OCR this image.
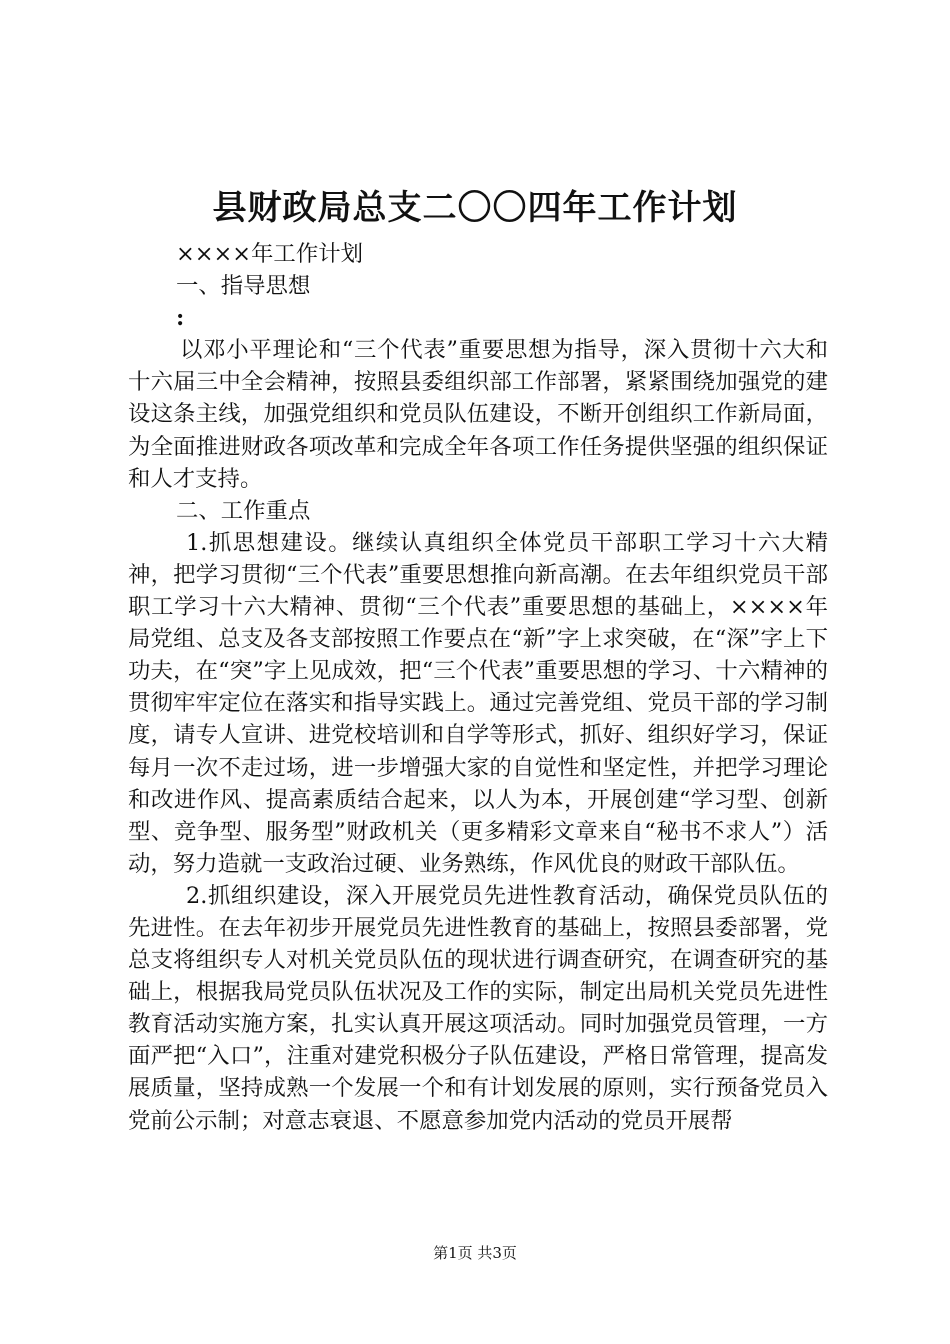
县财政局总支二〇〇四年工作计划

××××年工作计划

一、指导思想

:

以邓小平理论和“三个代表”重要思想为指导，深入贯彻十六大和十六届三中全会精神，按照县委组织部工作部署，紧紧围绕加强党的建设这条主线，加强党组织和党员队伍建设，不断开创组织工作新局面，为全面推进财政各项改革和完成全年各项工作任务提供坚强的组织保证和人才支持。

二、工作重点

1.抓思想建设。继续认真组织全体党员干部职工学习十六大精神，把学习贯彻“三个代表”重要思想推向新高潮。在去年组织党员干部职工学习十六大精神、贯彻“三个代表”重要思想的基础上，××××年局党组、总支及各支部按照工作要点在“新”字上求突破，在“深”字上下功夫，在“突”字上见成效，把“三个代表”重要思想的学习、十六精神的贯彻牢牢定位在落实和指导实践上。通过完善党组、党员干部的学习制度，请专人宣讲、进党校培训和自学等形式，抓好、组织好学习，保证每月一次不走过场，进一步增强大家的自觉性和坚定性，并把学习理论和改进作风、提高素质结合起来，以人为本，开展创建“学习型、创新型、竞争型、服务型”财政机关（更多精彩文章来自“秘书不求人”）活动，努力造就一支政治过硬、业务熟练，作风优良的财政干部队伍。

2.抓组织建设，深入开展党员先进性教育活动，确保党员队伍的先进性。在去年初步开展党员先进性教育的基础上，按照县委部署，党总支将组织专人对机关党员队伍的现状进行调查研究，在调查研究的基础上，根据我局党员队伍状况及工作的实际，制定出局机关党员先进性教育活动实施方案，扎实认真开展这项活动。同时加强党员管理，一方面严把“入口”，注重对建党积极分子队伍建设，严格日常管理，提高发展质量，坚持成熟一个发展一个和有计划发展的原则，实行预备党员入党前公示制；对意志衰退、不愿意参加党内活动的党员开展帮

第1页 共3页
